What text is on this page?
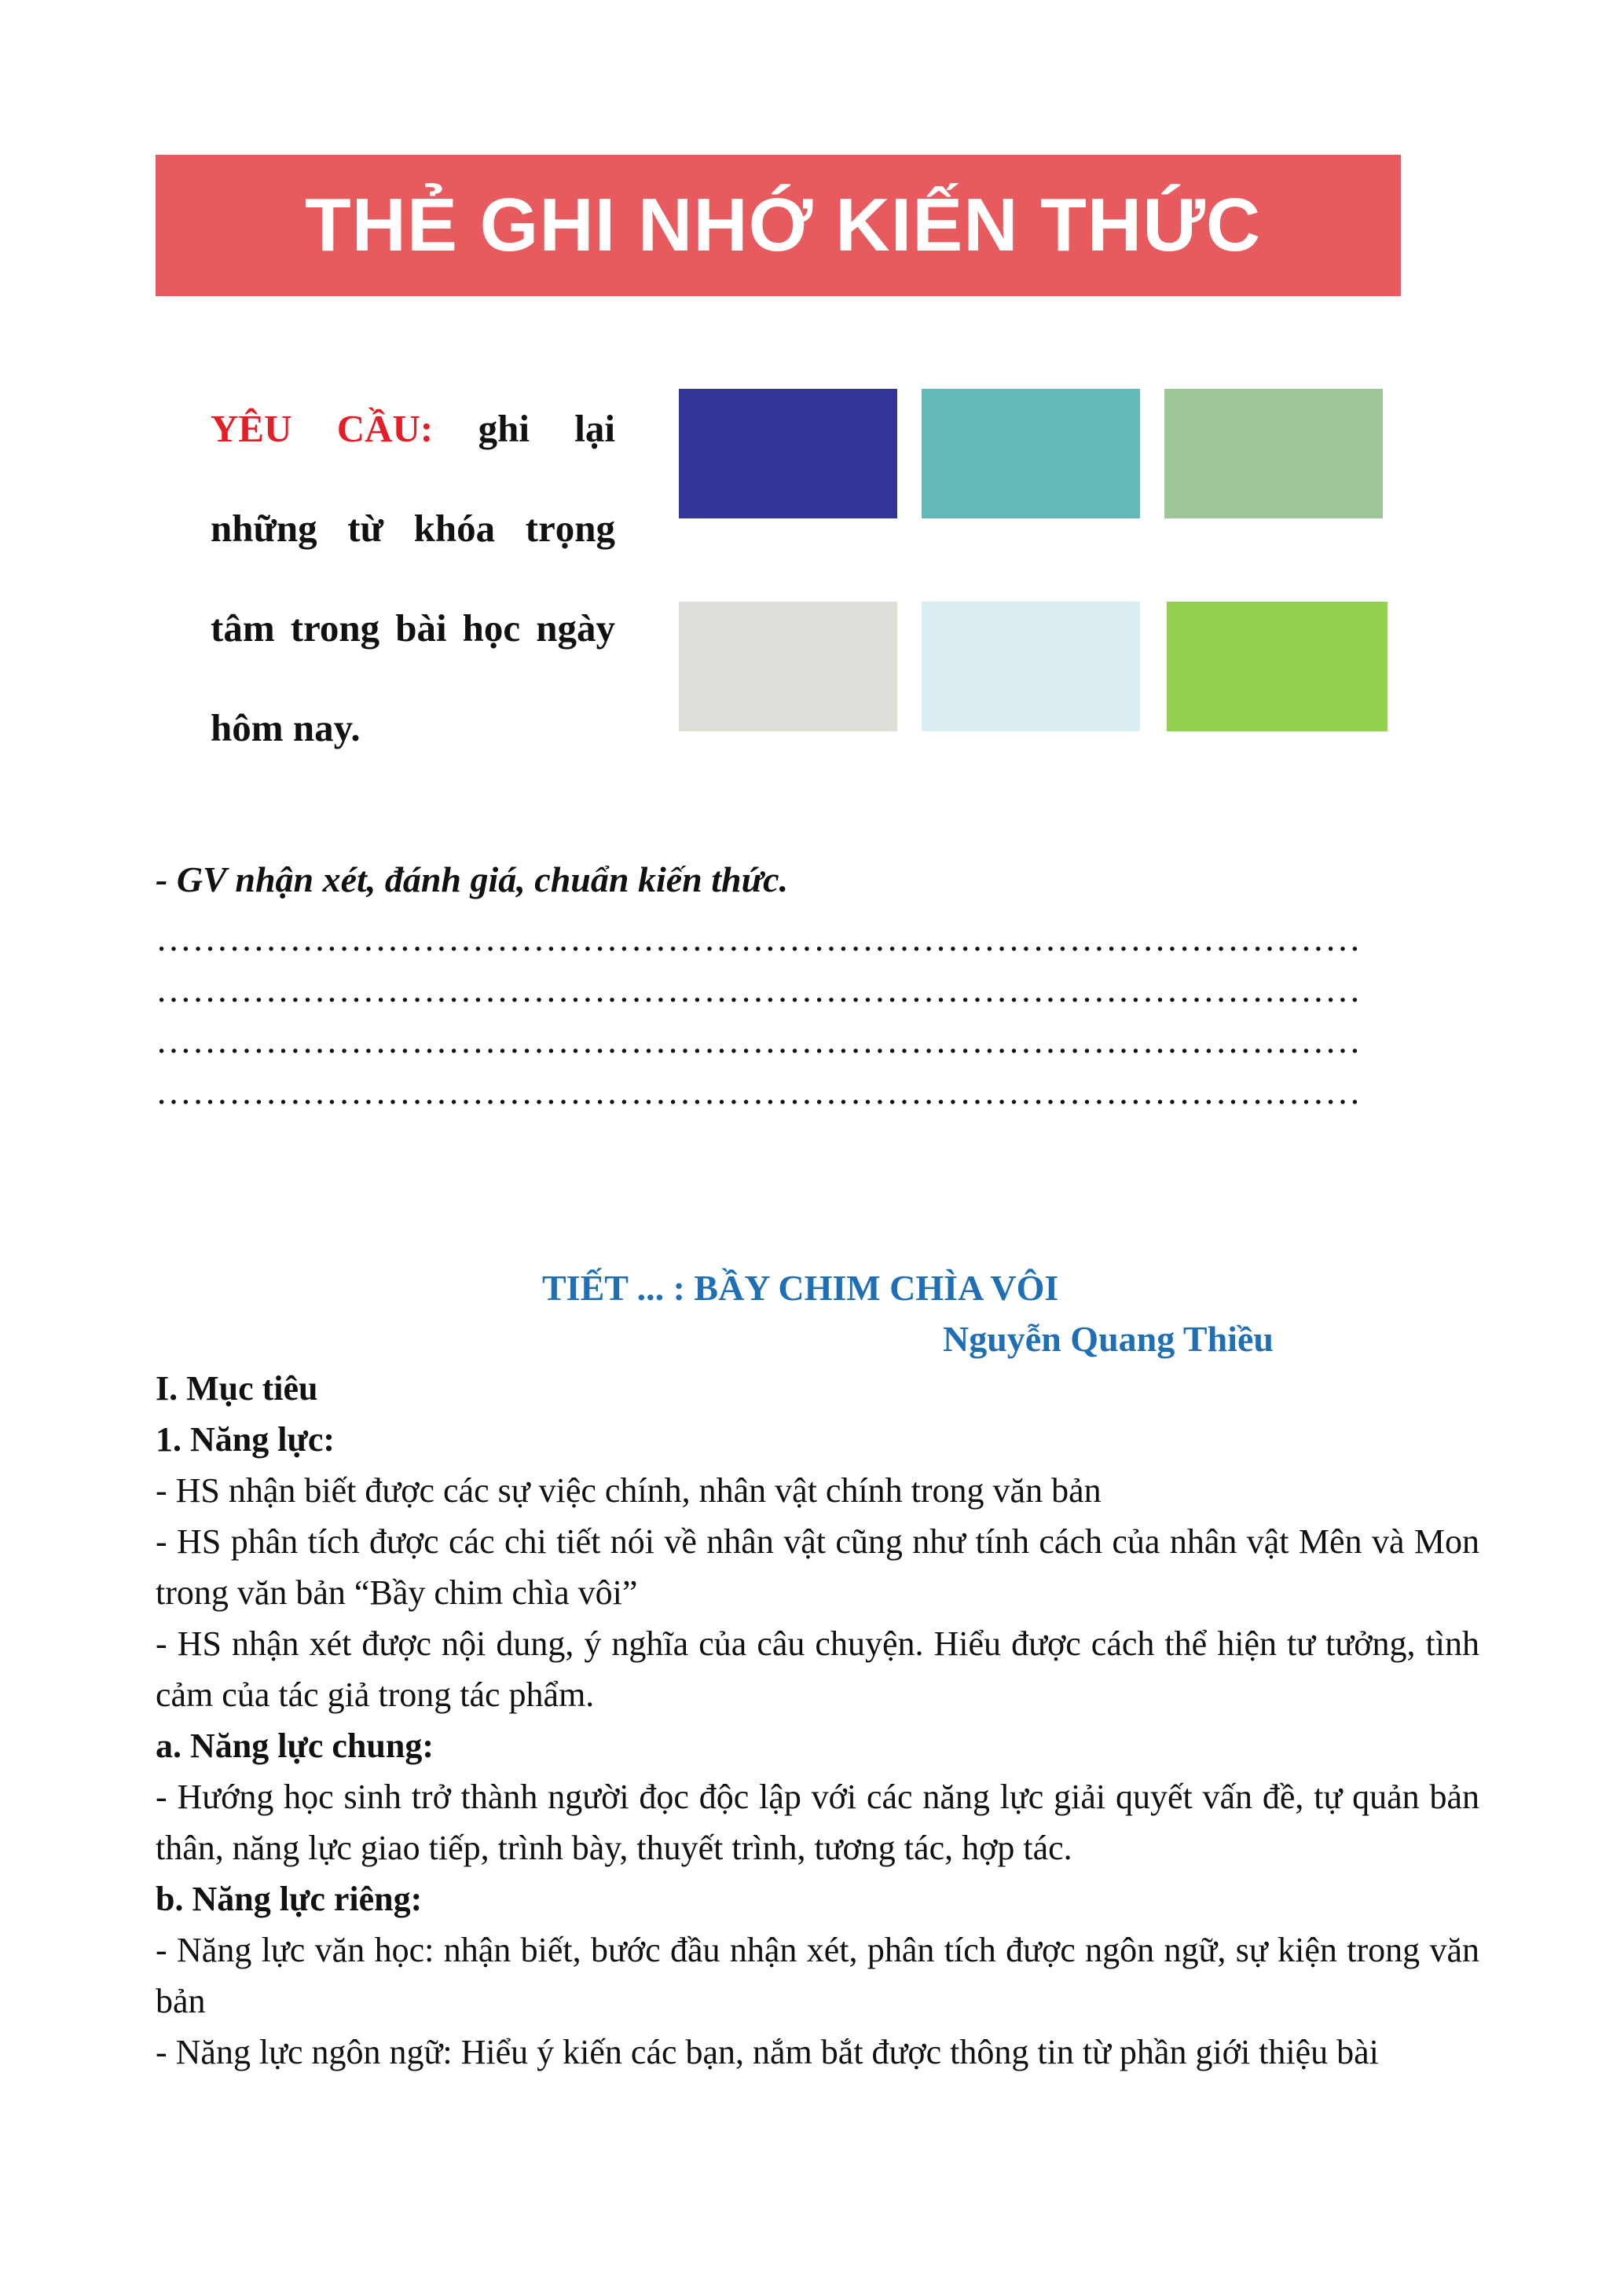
THẺ GHI NHỚ KIẾN THỨC
YÊU CẦU: ghi lại những từ khóa trọng tâm trong bài học ngày hôm nay.
- GV nhận xét, đánh giá, chuẩn kiến thức.
………………………………………………………………………………………
………………………………………………………………………………………
………………………………………………………………………………………
………………………………………………………………………………………
TIẾT ... : BẦY CHIM CHÌA VÔI
Nguyễn Quang Thiều

I. Mục tiêu

1. Năng lực:

- HS nhận biết được các sự việc chính, nhân vật chính trong văn bản

- HS phân tích được các chi tiết nói về nhân vật cũng như tính cách của nhân vật Mên và Mon trong văn bản “Bầy chim chìa vôi”

- HS nhận xét được nội dung, ý nghĩa của câu chuyện. Hiểu được cách thể hiện tư tưởng, tình cảm của tác giả trong tác phẩm.

a. Năng lực chung:

- Hướng học sinh trở thành người đọc độc lập với các năng lực giải quyết vấn đề, tự quản bản thân, năng lực giao tiếp, trình bày, thuyết trình, tương tác, hợp tác.

b. Năng lực riêng:

- Năng lực văn học: nhận biết, bước đầu nhận xét, phân tích được ngôn ngữ, sự kiện trong văn bản

- Năng lực ngôn ngữ: Hiểu ý kiến các bạn, nắm bắt được thông tin từ phần giới thiệu bài
